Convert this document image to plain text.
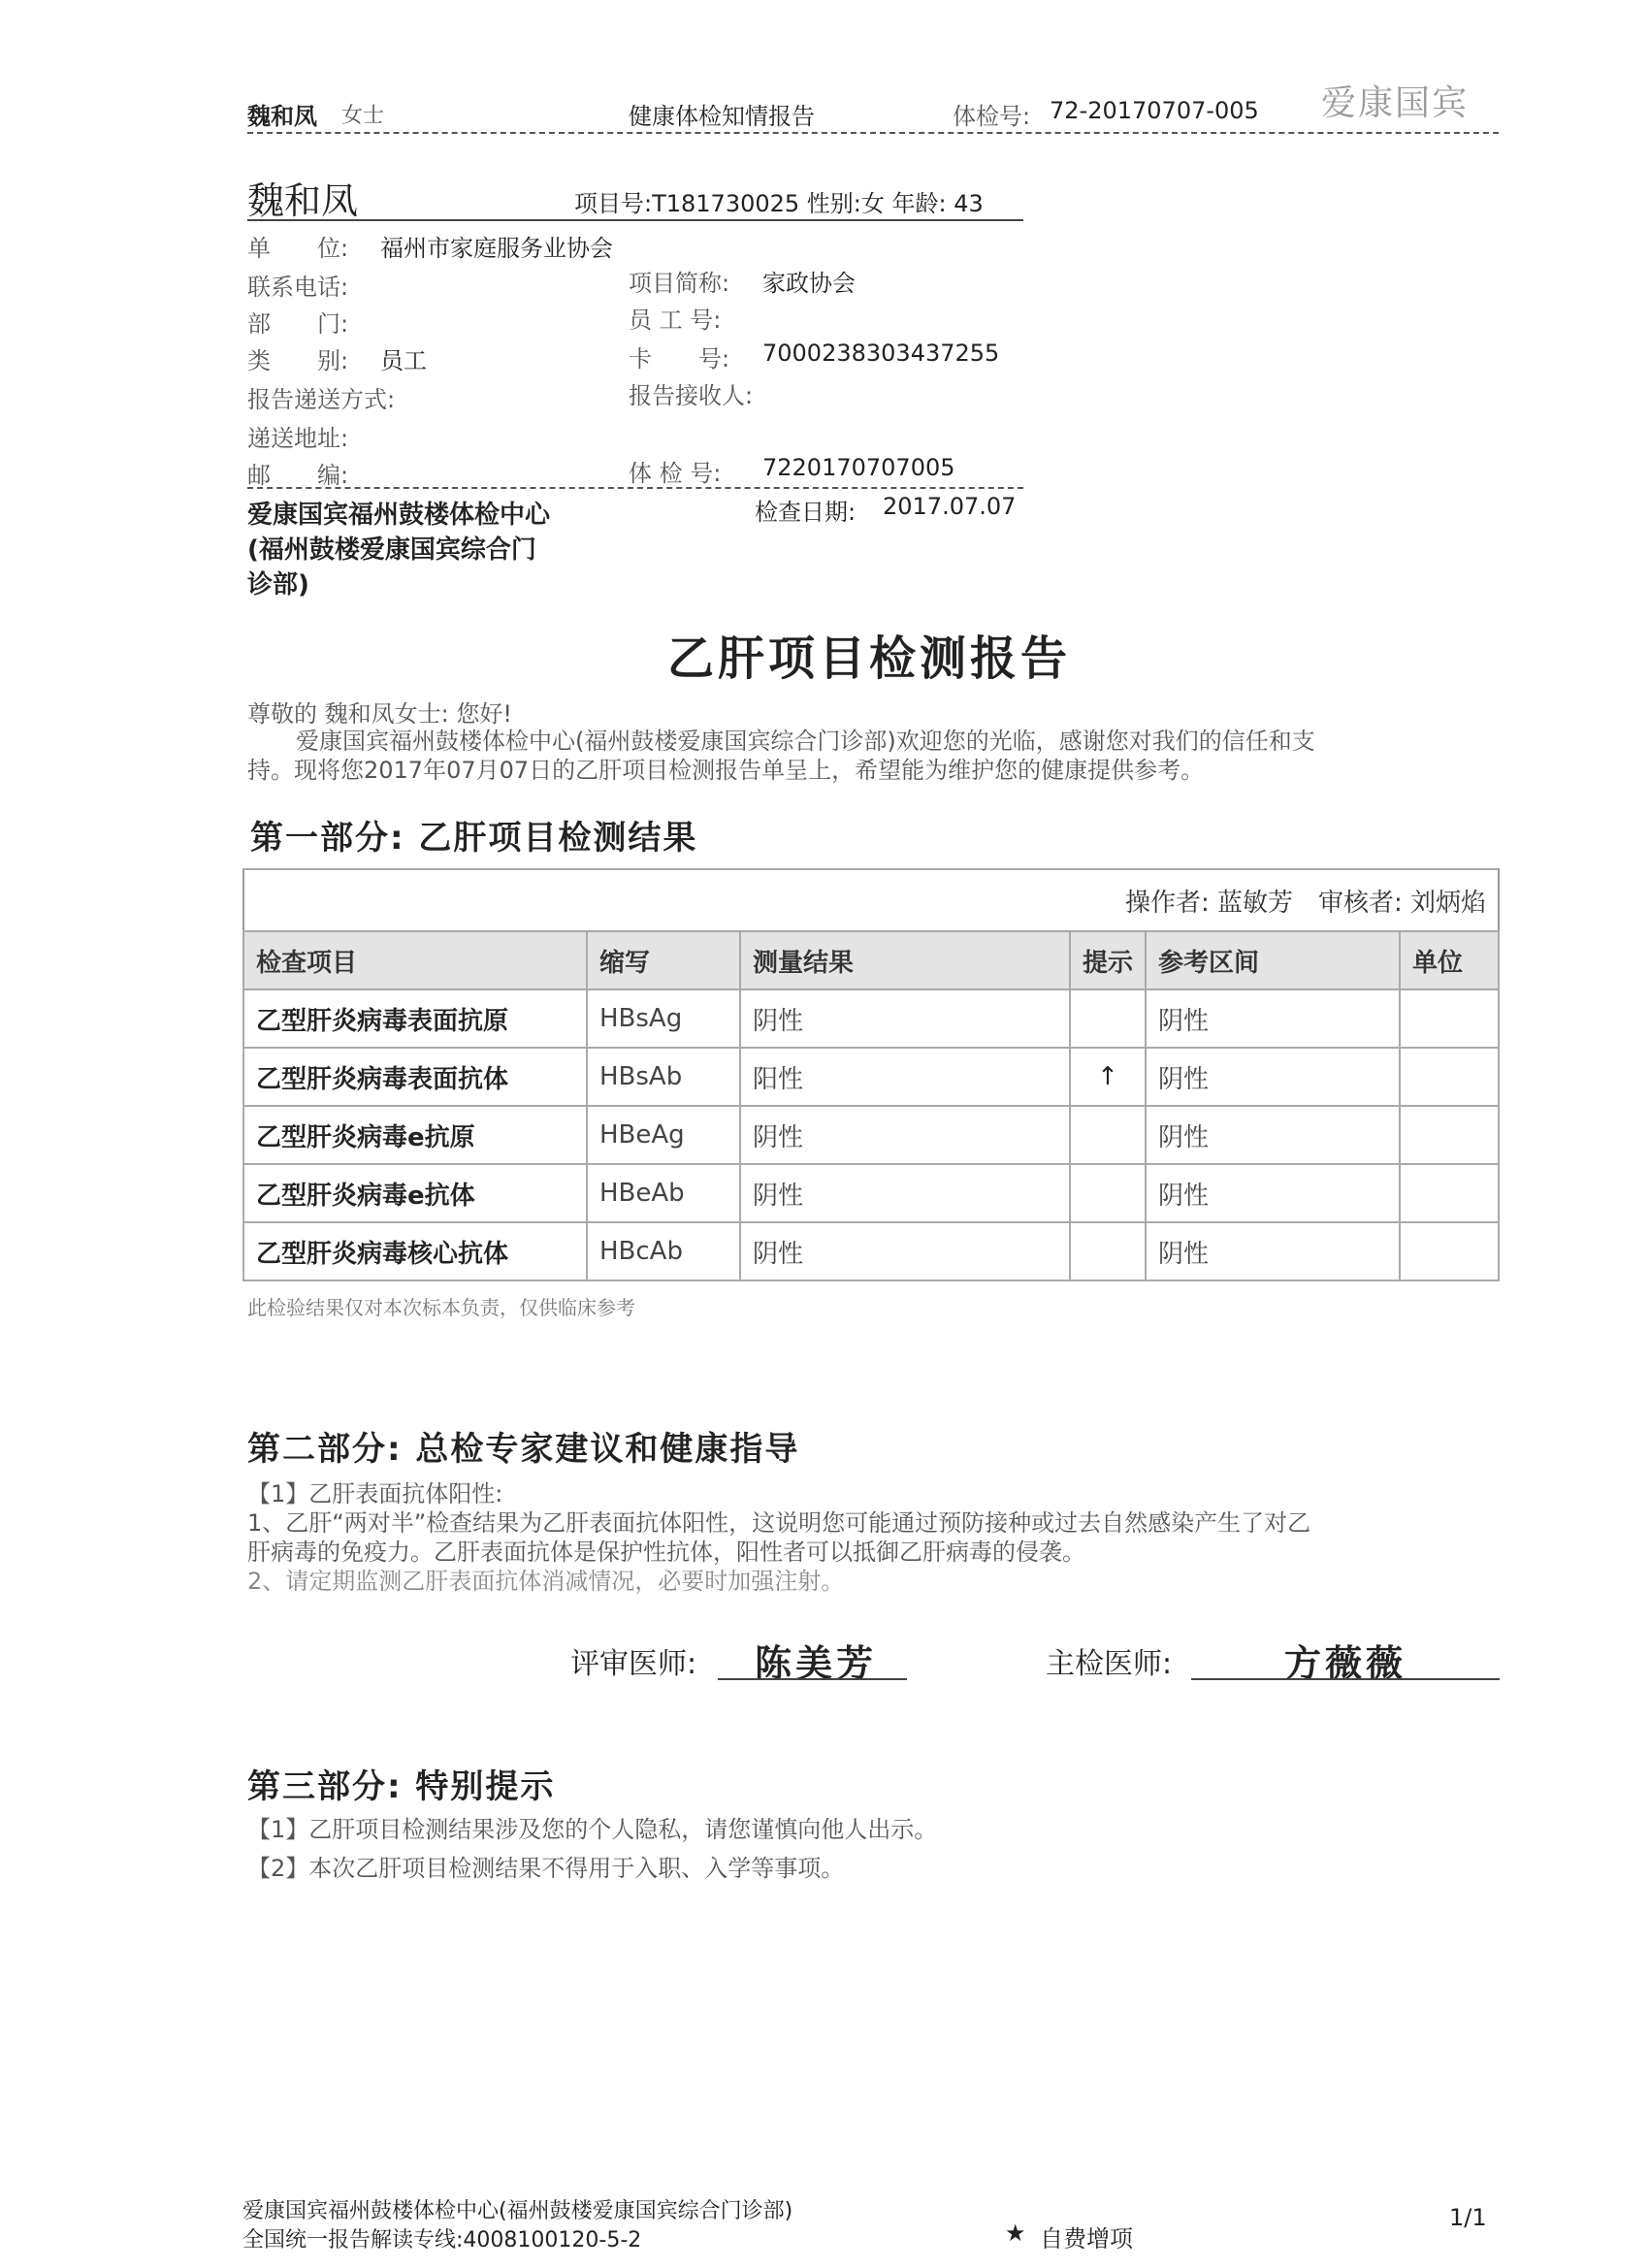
魏和凤 女士	健康体检知情报告	体检号: 72-20170707-005 爱康国宾
魏和凤	项目号:T181730025 性别:女 年龄: 43
单　　位: 福州市家庭服务业协会
联系电话:	项目简称: 家政协会
部　　门:	员 工 号:
类　　别: 员工	卡　　号: 7000238303437255
报告递送方式:	报告接收人:
递送地址:
邮　　编:	体 检 号: 7220170707005
爱康国宾福州鼓楼体检中心
(福州鼓楼爱康国宾综合门
诊部)
检查日期: 2017.07.07
乙肝项目检测报告
尊敬的 魏和凤女士: 您好!
爱康国宾福州鼓楼体检中心(福州鼓楼爱康国宾综合门诊部)欢迎您的光临，感谢您对我们的信任和支
持。现将您2017年07月07日的乙肝项目检测报告单呈上，希望能为维护您的健康提供参考。
第一部分: 乙肝项目检测结果
操作者: 蓝敏芳　审核者: 刘炳焰					
检查项目	缩写	测量结果	提示	参考区间	单位
乙型肝炎病毒表面抗原	HBsAg	阴性		阴性	
乙型肝炎病毒表面抗体	HBsAb	阳性	↑	阴性	
乙型肝炎病毒e抗原	HBeAg	阴性		阴性	
乙型肝炎病毒e抗体	HBeAb	阴性		阴性	
乙型肝炎病毒核心抗体	HBcAb	阴性		阴性	
此检验结果仅对本次标本负责，仅供临床参考
第二部分: 总检专家建议和健康指导
【1】乙肝表面抗体阳性:
1、乙肝“两对半”检查结果为乙肝表面抗体阳性，这说明您可能通过预防接种或过去自然感染产生了对乙
肝病毒的免疫力。乙肝表面抗体是保护性抗体，阳性者可以抵御乙肝病毒的侵袭。
2、请定期监测乙肝表面抗体消减情况，必要时加强注射。
评审医师: 陈美芳	主检医师:	方薇薇
第三部分: 特别提示
【1】乙肝项目检测结果涉及您的个人隐私，请您谨慎向他人出示。
【2】本次乙肝项目检测结果不得用于入职、入学等事项。
爱康国宾福州鼓楼体检中心(福州鼓楼爱康国宾综合门诊部)
全国统一报告解读专线:4008100120-5-2	★ 自费增项
1/1
